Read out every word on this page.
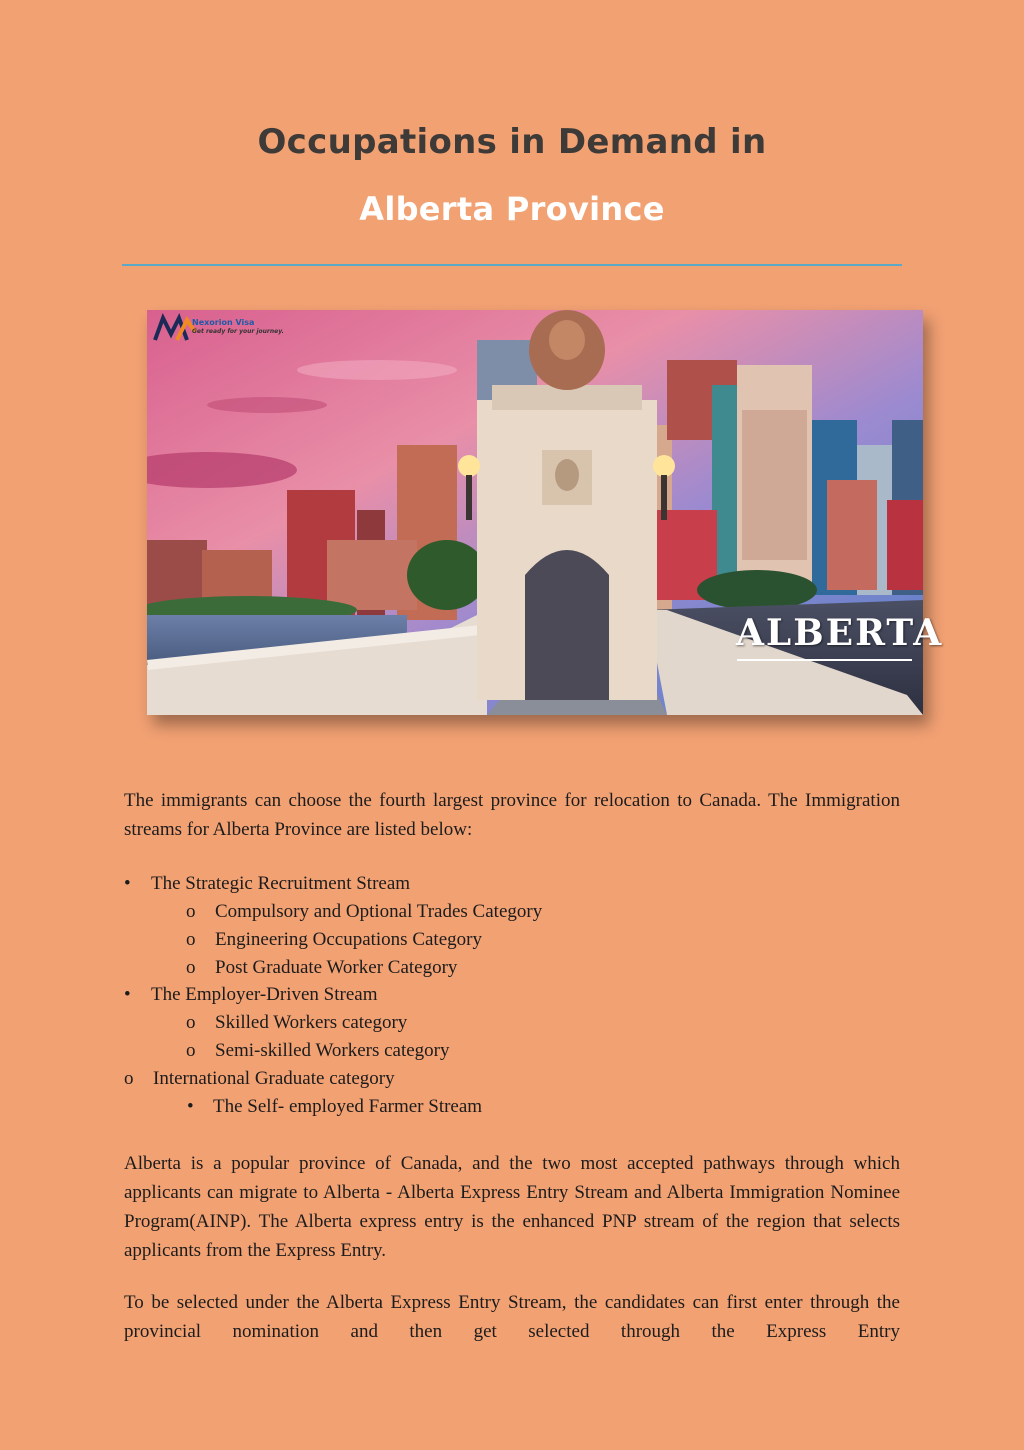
Occupations in Demand in
Alberta Province
Nexorion Visa
Get ready for your journey.
ALBERTA
The immigrants can choose the fourth largest province for relocation to Canada. The Immigration streams for Alberta Province are listed below:
• The Strategic Recruitment Stream
o Compulsory and Optional Trades Category
o Engineering Occupations Category
o Post Graduate Worker Category
• The Employer-Driven Stream
o Skilled Workers category
o Semi-skilled Workers category
o International Graduate category
• The Self- employed Farmer Stream
Alberta is a popular province of Canada, and the two most accepted pathways through which applicants can migrate to Alberta - Alberta Express Entry Stream and Alberta Immigration Nominee Program(AINP). The Alberta express entry is the enhanced PNP stream of the region that selects applicants from the Express Entry.
To be selected under the Alberta Express Entry Stream, the candidates can first enter through the provincial nomination and then get selected through the Express Entry
